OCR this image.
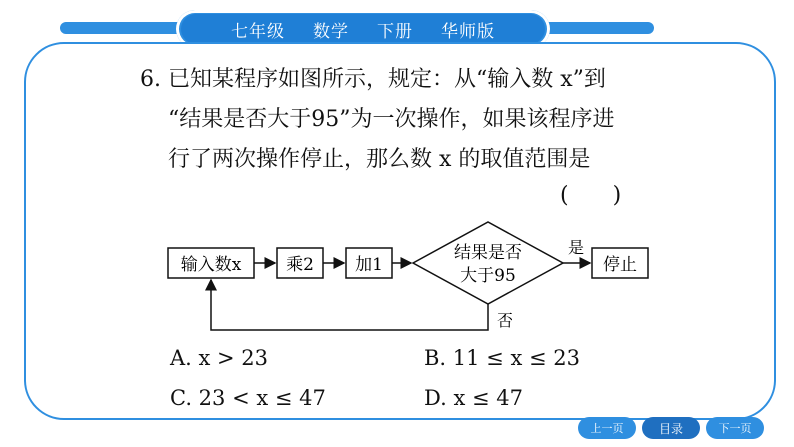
七年级 数学 下册 华师版

6. 已知某程序如图所示，规定：从“输入数 x”到

“结果是否大于95”为一次操作，如果该程序进

行了两次操作停止，那么数 x 的取值范围是

(　　)
输入数x	乘2 加1
结果是否
大于95
是
否
停止
A. x > 23	B. 11 ≤ x ≤ 23
C. 23 < x ≤ 47	D. x ≤ 47
上一页	目录	下一页
